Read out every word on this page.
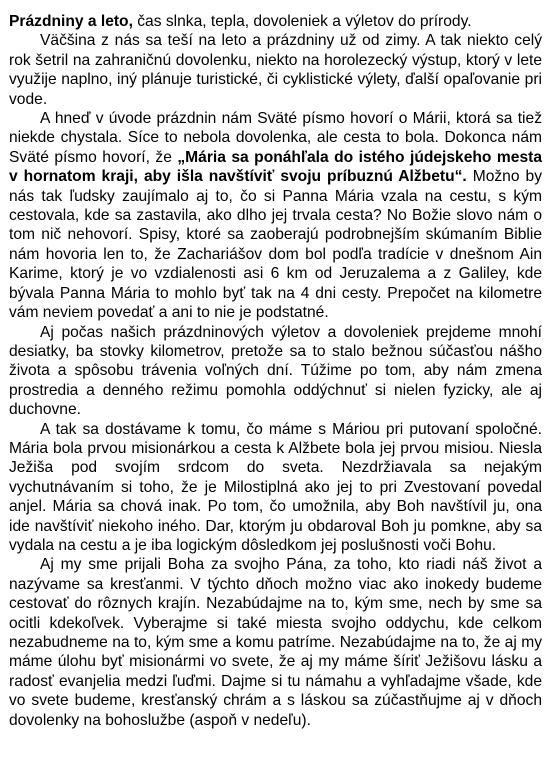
Prázdniny a leto, čas slnka, tepla, dovoleniek a výletov do prírody.

Väčšina z nás sa teší na leto a prázdniny už od zimy. A tak niekto celý rok šetril na zahraničnú dovolenku, niekto na horolezecký výstup, ktorý v lete využije naplno, iný plánuje turistické, či cyklistické výlety, ďalší opaľovanie pri vode.

A hneď v úvode prázdnin nám Sväté písmo hovorí o Márii, ktorá sa tiež niekde chystala. Síce to nebola dovolenka, ale cesta to bola. Dokonca nám Sväté písmo hovorí, že „Mária sa ponáhľala do istého júdejskeho mesta v hornatom kraji, aby išla navštíviť svoju príbuznú Alžbetu“. Možno by nás tak ľudsky zaujímalo aj to, čo si Panna Mária vzala na cestu, s kým cestovala, kde sa zastavila, ako dlho jej trvala cesta? No Božie slovo nám o tom nič nehovorí. Spisy, ktoré sa zaoberajú podrobnejším skúmaním Biblie nám hovoria len to, že Zachariášov dom bol podľa tradície v dnešnom Ain Karime, ktorý je vo vzdialenosti asi 6 km od Jeruzalema a z Galiley, kde bývala Panna Mária to mohlo byť tak na 4 dni cesty. Prepočet na kilometre vám neviem povedať a ani to nie je podstatné.

Aj počas našich prázdninových výletov a dovoleniek prejdeme mnohí desiatky, ba stovky kilometrov, pretože sa to stalo bežnou súčasťou nášho života a spôsobu trávenia voľných dní. Túžime po tom, aby nám zmena prostredia a denného režimu pomohla oddýchnuť si nielen fyzicky, ale aj duchovne.

A tak sa dostávame k tomu, čo máme s Máriou pri putovaní spoločné. Mária bola prvou misionárkou a cesta k Alžbete bola jej prvou misiou. Niesla Ježiša pod svojím srdcom do sveta. Nezdržiavala sa nejakým vychutnávaním si toho, že je Milostiplná ako jej to pri Zvestovaní povedal anjel. Mária sa chová inak. Po tom, čo umožnila, aby Boh navštívil ju, ona ide navštíviť niekoho iného. Dar, ktorým ju obdaroval Boh ju pomkne, aby sa vydala na cestu a je iba logickým dôsledkom jej poslušnosti voči Bohu.

Aj my sme prijali Boha za svojho Pána, za toho, kto riadi náš život a nazývame sa kresťanmi. V týchto dňoch možno viac ako inokedy budeme cestovať do rôznych krajín. Nezabúdajme na to, kým sme, nech by sme sa ocitli kdekoľvek. Vyberajme si také miesta svojho oddychu, kde celkom nezabudneme na to, kým sme a komu patríme. Nezabúdajme na to, že aj my máme úlohu byť misionármi vo svete, že aj my máme šíriť Ježišovu lásku a radosť evanjelia medzi ľuďmi. Dajme si tu námahu a vyhľadajme všade, kde vo svete budeme, kresťanský chrám a s láskou sa zúčastňujme aj v dňoch dovolenky na bohoslužbe (aspoň v nedeľu).
